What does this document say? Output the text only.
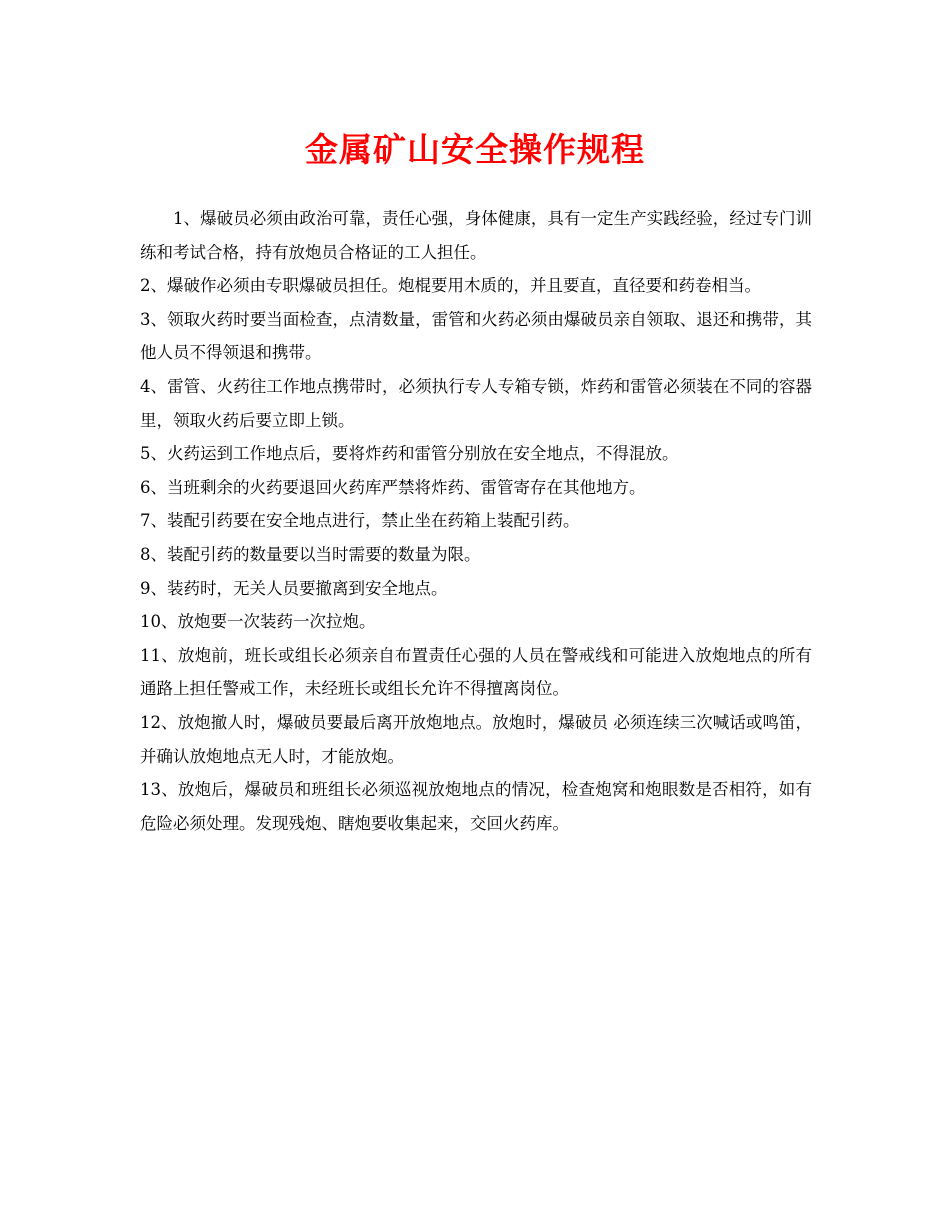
金属矿山安全操作规程

1、爆破员必须由政治可靠，责任心强，身体健康，具有一定生产实践经验，经过专门训练和考试合格，持有放炮员合格证的工人担任。

2、爆破作必须由专职爆破员担任。炮棍要用木质的，并且要直，直径要和药卷相当。

3、领取火药时要当面检查，点清数量，雷管和火药必须由爆破员亲自领取、退还和携带，其他人员不得领退和携带。

4、雷管、火药往工作地点携带时，必须执行专人专箱专锁，炸药和雷管必须装在不同的容器里，领取火药后要立即上锁。

5、火药运到工作地点后，要将炸药和雷管分别放在安全地点，不得混放。

6、当班剩余的火药要退回火药库严禁将炸药、雷管寄存在其他地方。

7、装配引药要在安全地点进行，禁止坐在药箱上装配引药。

8、装配引药的数量要以当时需要的数量为限。

9、装药时，无关人员要撤离到安全地点。

10、放炮要一次装药一次拉炮。

11、放炮前，班长或组长必须亲自布置责任心强的人员在警戒线和可能进入放炮地点的所有通路上担任警戒工作，未经班长或组长允许不得擅离岗位。

12、放炮撤人时，爆破员要最后离开放炮地点。放炮时，爆破员 必须连续三次喊话或鸣笛，并确认放炮地点无人时，才能放炮。

13、放炮后，爆破员和班组长必须巡视放炮地点的情况，检查炮窝和炮眼数是否相符，如有危险必须处理。发现残炮、瞎炮要收集起来，交回火药库。
